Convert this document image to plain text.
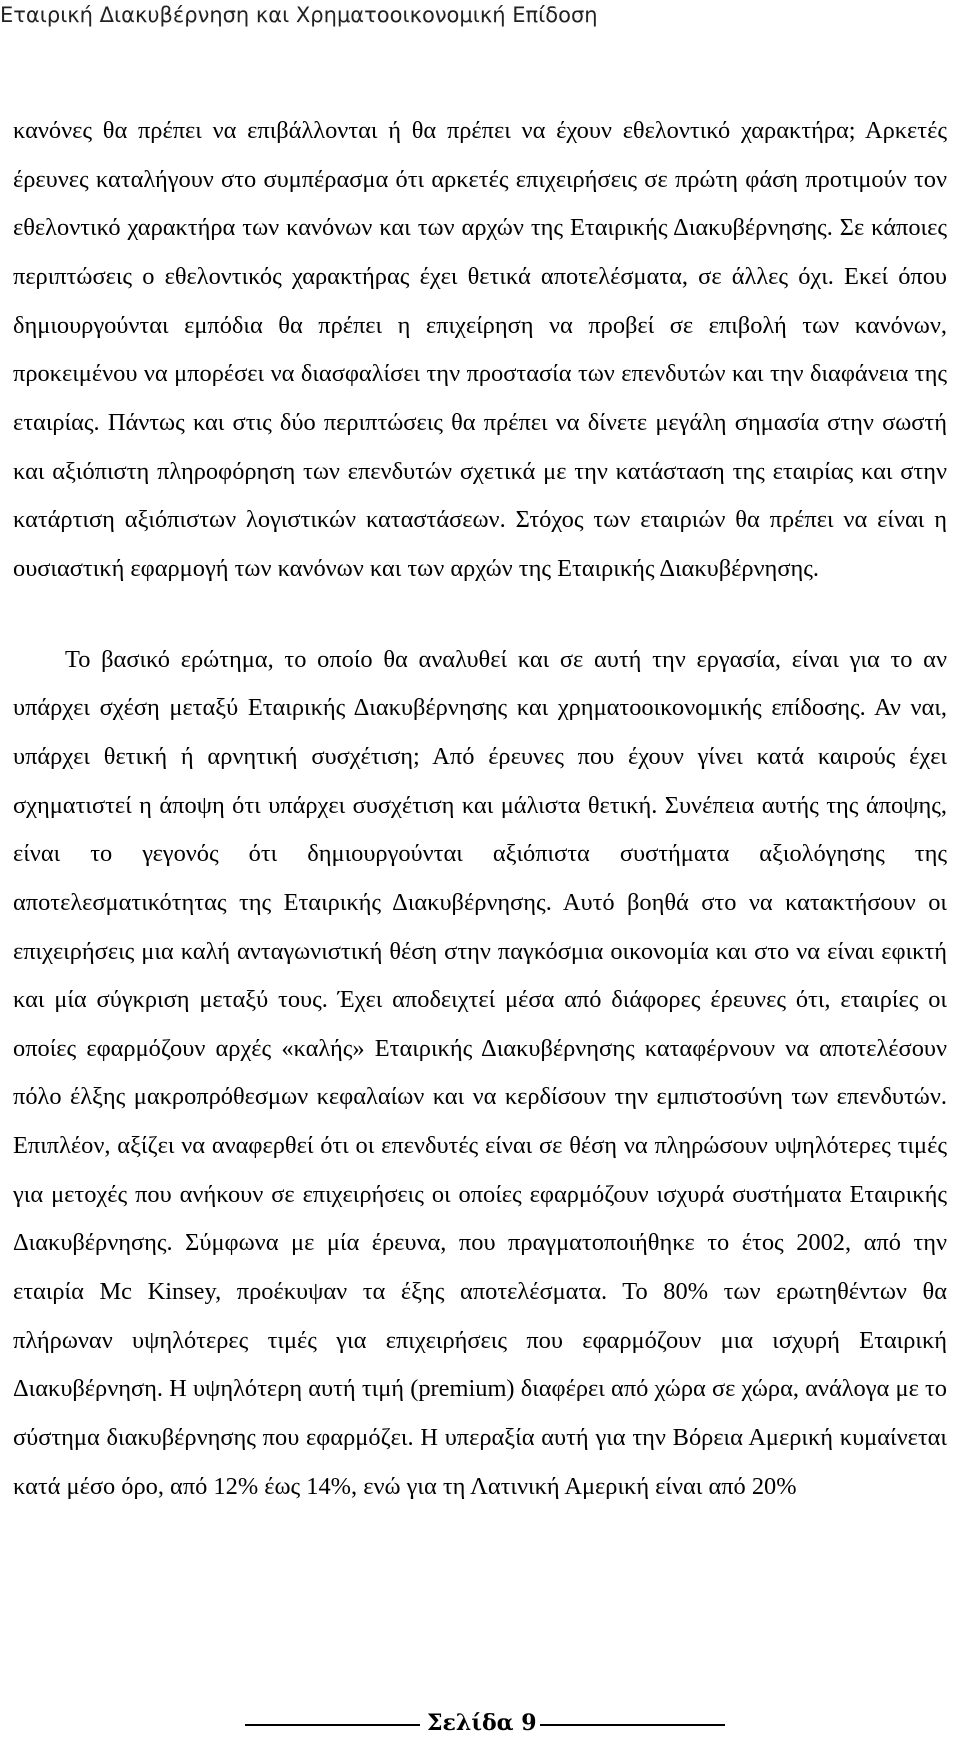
Εταιρική Διακυβέρνηση και Χρηματοοικονομική Επίδοση

κανόνες θα πρέπει να επιβάλλονται ή θα πρέπει να έχουν εθελοντικό χαρακτήρα; Αρκετές έρευνες καταλήγουν στο συμπέρασμα ότι αρκετές επιχειρήσεις σε πρώτη φάση προτιμούν τον εθελοντικό χαρακτήρα των κανόνων και των αρχών της Εταιρικής Διακυβέρνησης. Σε κάποιες περιπτώσεις ο εθελοντικός χαρακτήρας έχει θετικά αποτελέσματα, σε άλλες όχι. Εκεί όπου δημιουργούνται εμπόδια θα πρέπει η επιχείρηση να προβεί σε επιβολή των κανόνων, προκειμένου να μπορέσει να διασφαλίσει την προστασία των επενδυτών και την διαφάνεια της εταιρίας. Πάντως και στις δύο περιπτώσεις θα πρέπει να δίνετε μεγάλη σημασία στην σωστή και αξιόπιστη πληροφόρηση των επενδυτών σχετικά με την κατάσταση της εταιρίας και στην κατάρτιση αξιόπιστων λογιστικών καταστάσεων. Στόχος των εταιριών θα πρέπει να είναι η ουσιαστική εφαρμογή των κανόνων και των αρχών της Εταιρικής Διακυβέρνησης.

Το βασικό ερώτημα, το οποίο θα αναλυθεί και σε αυτή την εργασία, είναι για το αν υπάρχει σχέση μεταξύ Εταιρικής Διακυβέρνησης και χρηματοοικονομικής επίδοσης. Αν ναι, υπάρχει θετική ή αρνητική συσχέτιση; Από έρευνες που έχουν γίνει κατά καιρούς έχει σχηματιστεί η άποψη ότι υπάρχει συσχέτιση και μάλιστα θετική. Συνέπεια αυτής της άποψης, είναι το γεγονός ότι δημιουργούνται αξιόπιστα συστήματα αξιολόγησης της αποτελεσματικότητας της Εταιρικής Διακυβέρνησης. Αυτό βοηθά στο να κατακτήσουν οι επιχειρήσεις μια καλή ανταγωνιστική θέση στην παγκόσμια οικονομία και στο να είναι εφικτή και μία σύγκριση μεταξύ τους. Έχει αποδειχτεί μέσα από διάφορες έρευνες ότι, εταιρίες οι οποίες εφαρμόζουν αρχές «καλής» Εταιρικής Διακυβέρνησης καταφέρνουν να αποτελέσουν πόλο έλξης μακροπρόθεσμων κεφαλαίων και να κερδίσουν την εμπιστοσύνη των επενδυτών. Επιπλέον, αξίζει να αναφερθεί ότι οι επενδυτές είναι σε θέση να πληρώσουν υψηλότερες τιμές για μετοχές που ανήκουν σε επιχειρήσεις οι οποίες εφαρμόζουν ισχυρά συστήματα Εταιρικής Διακυβέρνησης. Σύμφωνα με μία έρευνα, που πραγματοποιήθηκε το έτος 2002, από την εταιρία Mc Kinsey, προέκυψαν τα έξης αποτελέσματα. Το 80% των ερωτηθέντων θα πλήρωναν υψηλότερες τιμές για επιχειρήσεις που εφαρμόζουν μια ισχυρή Εταιρική Διακυβέρνηση. Η υψηλότερη αυτή τιμή (premium) διαφέρει από χώρα σε χώρα, ανάλογα με το σύστημα διακυβέρνησης που εφαρμόζει. Η υπεραξία αυτή για την Βόρεια Αμερική κυμαίνεται κατά μέσο όρο, από 12% έως 14%, ενώ για τη Λατινική Αμερική είναι από 20%

Σελίδα 9
